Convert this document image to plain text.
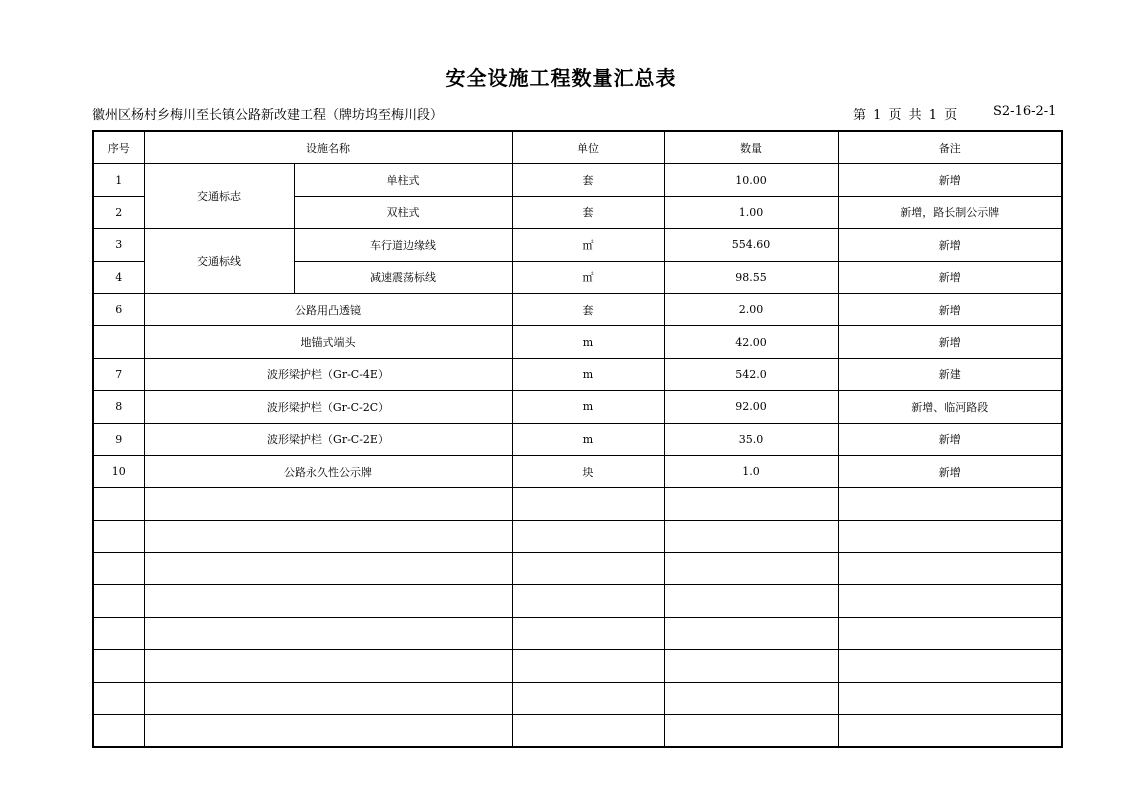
安全设施工程数量汇总表
徽州区杨村乡梅川至长镇公路新改建工程（牌坊坞至梅川段）	第 1 页 共 1 页	S2-16-2-1
序号	设施名称		单位	数量	备注
1	交通标志	单柱式	套	10.00	新增
2		双柱式	套	1.00	新增，路长制公示牌
3	交通标线	车行道边缘线	㎡	554.60	新增
4		减速震荡标线	㎡	98.55	新增
6	公路用凸透镜		套	2.00	新增
	地锚式端头		m	42.00	新增
7	波形梁护栏（Gr-C-4E）		m	542.0	新建
8	波形梁护栏（Gr-C-2C）		m	92.00	新增、临河路段
9	波形梁护栏（Gr-C-2E）		m	35.0	新增
10	公路永久性公示牌		块	1.0	新增
